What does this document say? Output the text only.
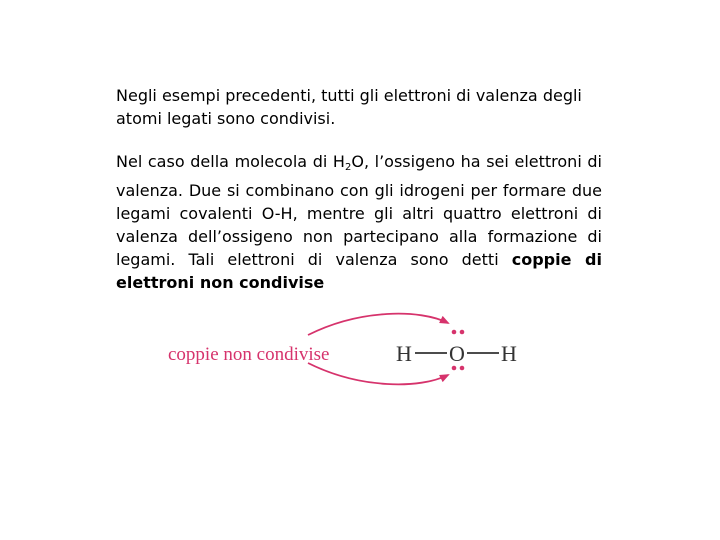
Negli esempi precedenti, tutti gli elettroni di valenza degli atomi legati sono condivisi.

Nel caso della molecola di $H_2O$, l’ossigeno ha sei elettroni di valenza. Due si combinano con gli idrogeni per formare due legami covalenti O-H, mentre gli altri quattro elettroni di valenza dell’ossigeno non partecipano alla formazione di legami. Tali elettroni di valenza sono detti coppie di elettroni non condivise

coppie non condivise	H O H
